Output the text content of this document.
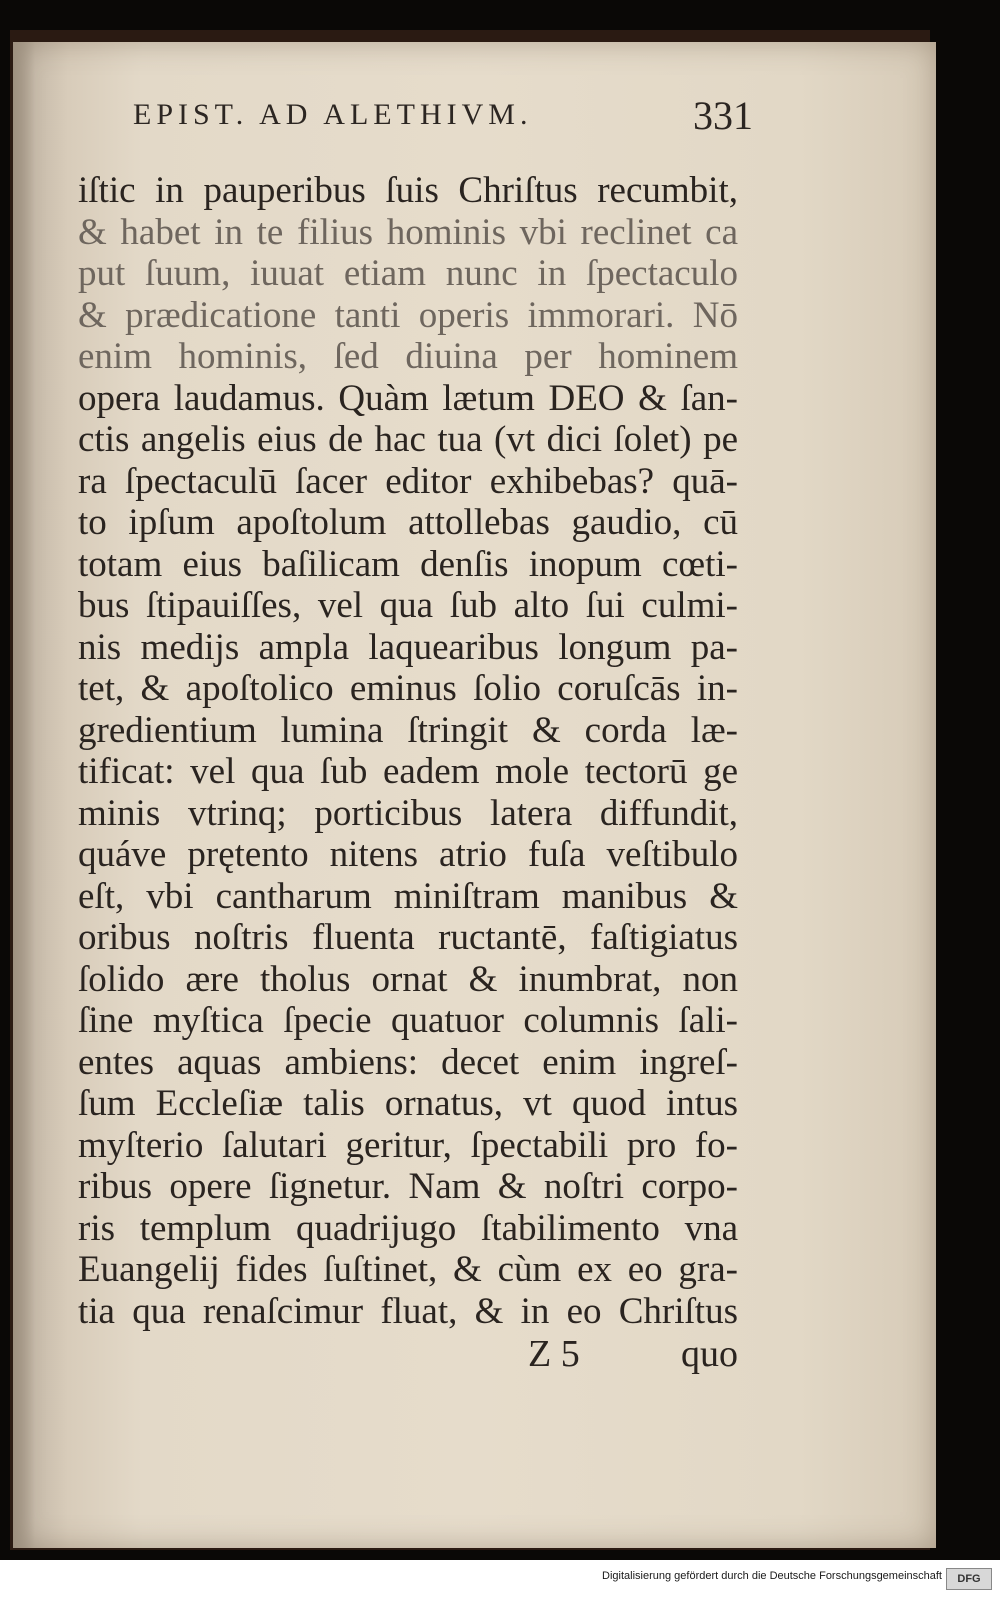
EPIST. AD ALETHIVM.	331
iſtic in pauperibus ſuis Chriſtus recumbit,
& habet in te filius hominis vbi reclinet ca
put ſuum, iuuat etiam nunc in ſpectaculo
& prædicatione tanti operis immorari. Nō
enim hominis, ſed diuina per hominem
opera laudamus. Quàm lætum DEO & ſan-
ctis angelis eius de hac tua (vt dici ſolet) pe
ra ſpectaculū ſacer editor exhibebas? quā-
to ipſum apoſtolum attollebas gaudio, cū
totam eius baſilicam denſis inopum cœti-
bus ſtipauiſſes, vel qua ſub alto ſui culmi-
nis medijs ampla laquearibus longum pa-
tet, & apoſtolico eminus ſolio coruſcās in-
gredientium lumina ſtringit & corda læ-
tificat: vel qua ſub eadem mole tectorū ge
minis vtrinq; porticibus latera diffundit,
quáve prętento nitens atrio fuſa veſtibulo
eſt, vbi cantharum miniſtram manibus &
oribus noſtris fluenta ructantē, faſtigiatus
ſolido ære tholus ornat & inumbrat, non
ſine myſtica ſpecie quatuor columnis ſali-
entes aquas ambiens: decet enim ingreſ-
ſum Eccleſiæ talis ornatus, vt quod intus
myſterio ſalutari geritur, ſpectabili pro fo-
ribus opere ſignetur. Nam & noſtri corpo-
ris templum quadrijugo ſtabilimento vna
Euangelij fides ſuſtinet, & cùm ex eo gra-
tia qua renaſcimur fluat, & in eo Chriſtus
Z 5	quo
Digitalisierung gefördert durch die Deutsche Forschungsgemeinschaft	DFG
